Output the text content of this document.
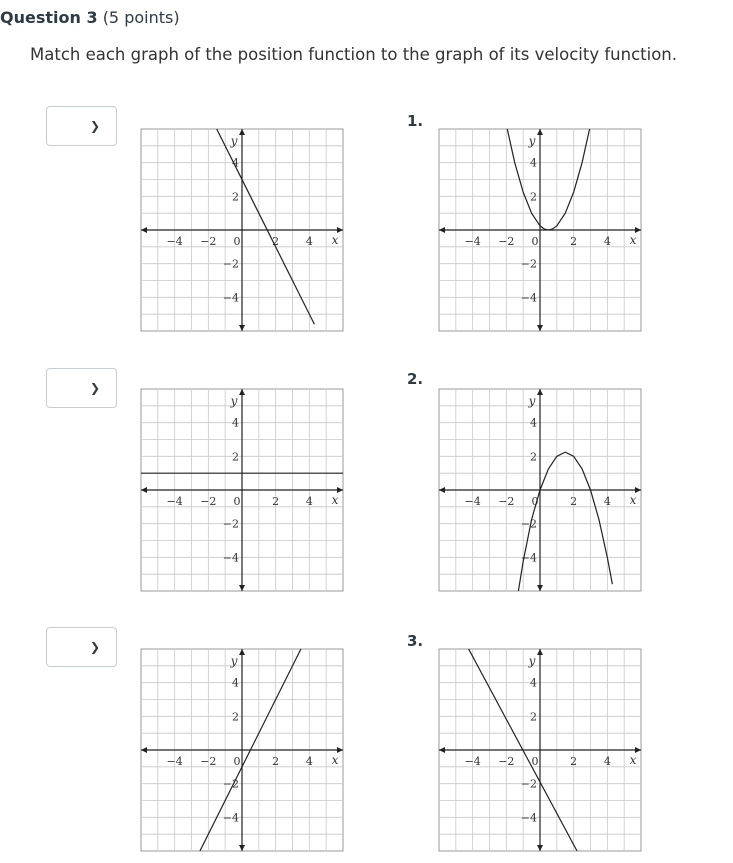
Question 3 (5 points)
Match each graph of the position function to the graph of its velocity function.
❯
❯
❯
1.
2.
3.
−4 −2 0	2 4
4
2
−2
−4
x
y
−4 −2 0	2 4
4
2
−2
−4
x
y
−4 −2 0	2 4
4
2
−2
−4
x
y
−4 −2 0	2 4
4
2
−2
−4
x
y
−4 −2 0	2 4
4
2
−2
−4
x
y
−4 −2 0	2 4
4
2
−2
−4
x
y
